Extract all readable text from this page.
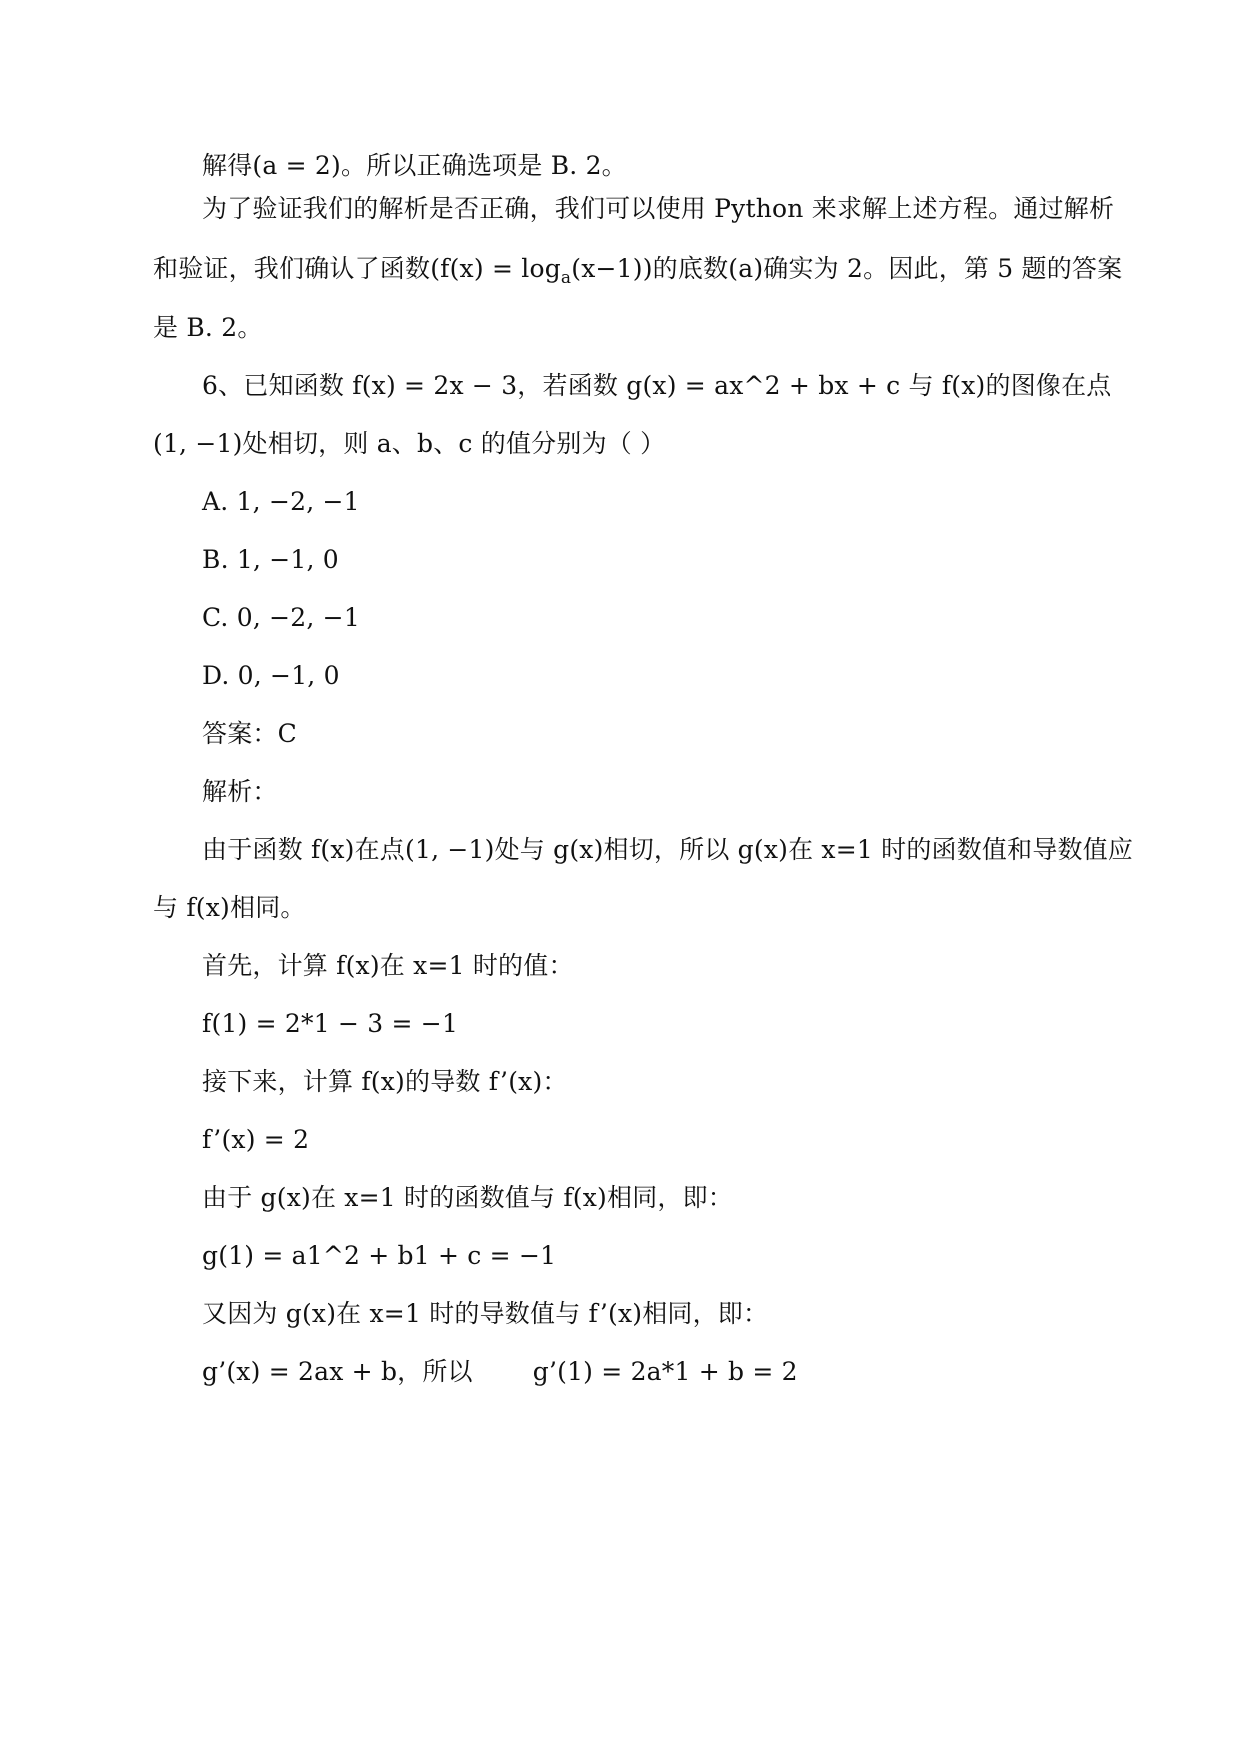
解得(a = 2)。所以正确选项是 B. 2。
为了验证我们的解析是否正确，我们可以使用 Python 来求解上述方程。通过解析
和验证，我们确认了函数$(f(x) = \log_a(x-1))$的底数(a)确实为 2。因此，第 5 题的答案
是 B. 2。
6、已知函数 f(x) = 2x − 3，若函数 g(x) = ax^2 + bx + c 与 f(x)的图像在点
(1, −1)处相切，则 a、b、c 的值分别为（ ）
A. 1, −2, −1
B. 1, −1, 0
C. 0, −2, −1
D. 0, −1, 0
答案：C
解析：
由于函数 f(x)在点(1, −1)处与 g(x)相切，所以 g(x)在 x=1 时的函数值和导数值应
与 f(x)相同。
首先，计算 f(x)在 x=1 时的值：
f(1) = 2*1 − 3 = −1
接下来，计算 f(x)的导数 f’(x)：
f’(x) = 2
由于 g(x)在 x=1 时的函数值与 f(x)相同，即：
g(1) = a1^2 + b1 + c = −1
又因为 g(x)在 x=1 时的导数值与 f’(x)相同，即：
g’(x) = 2ax + b，所以 g’(1) = 2a*1 + b = 2
